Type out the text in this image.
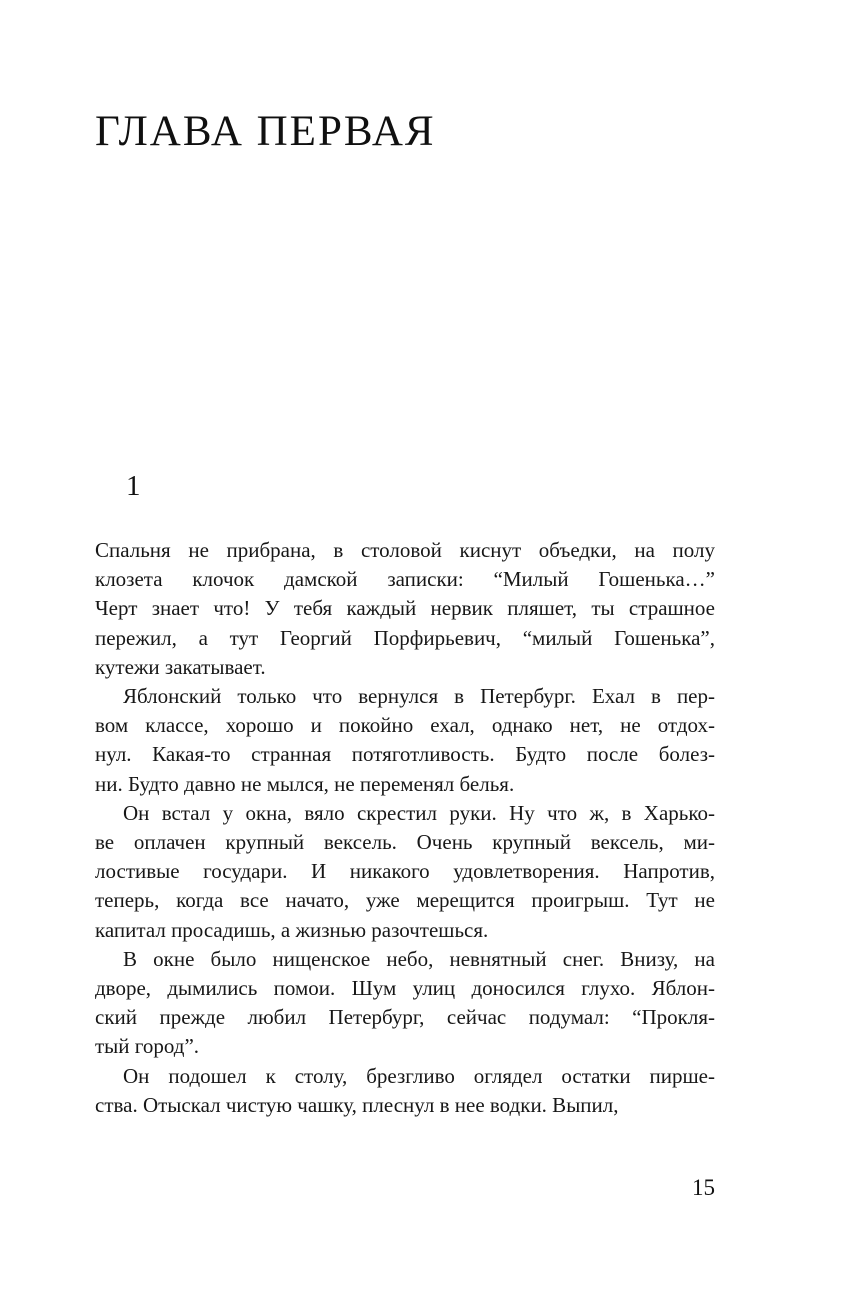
ГЛАВА ПЕРВАЯ
1

Спальня не прибрана, в столовой киснут объедки, на полу
клозета клочок дамской записки: “Милый Гошенька…”
Черт знает что! У тебя каждый нервик пляшет, ты страшное
пережил, а тут Георгий Порфирьевич, “милый Гошенька”,
кутежи закатывает.

Яблонский только что вернулся в Петербург. Ехал в пер-
вом классе, хорошо и покойно ехал, однако нет, не отдох-
нул. Какая-то странная потяготливость. Будто после болез-
ни. Будто давно не мылся, не переменял белья.

Он встал у окна, вяло скрестил руки. Ну что ж, в Харько-
ве оплачен крупный вексель. Очень крупный вексель, ми-
лостивые государи. И никакого удовлетворения. Напротив,
теперь, когда все начато, уже мерещится проигрыш. Тут не
капитал просадишь, а жизнью разочтешься.

В окне было нищенское небо, невнятный снег. Внизу, на
дворе, дымились помои. Шум улиц доносился глухо. Яблон-
ский прежде любил Петербург, сейчас подумал: “Прокля-
тый город”.

Он подошел к столу, брезгливо оглядел остатки пирше-
ства. Отыскал чистую чашку, плеснул в нее водки. Выпил,

15
